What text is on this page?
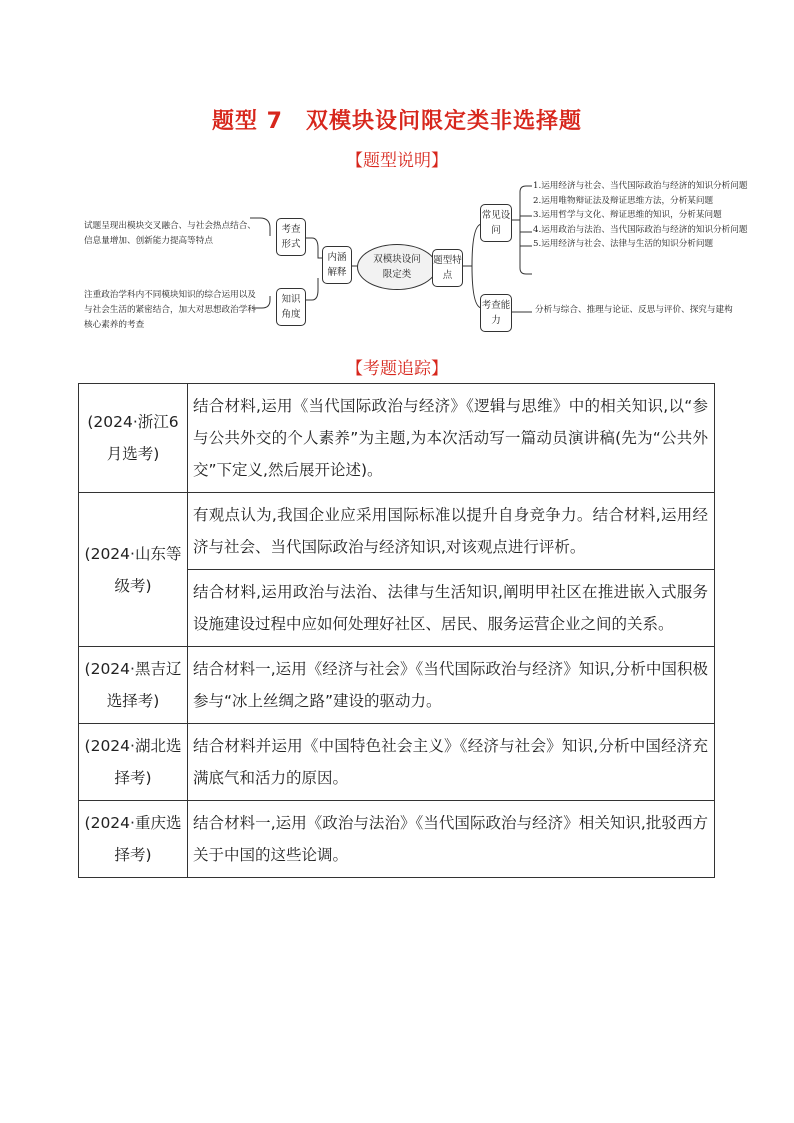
题型 7　双模块设问限定类非选择题
【题型说明】
试题呈现出模块交叉融合、与社会热点结合、信息量增加、创新能力提高等特点
注重政治学科内不同模块知识的综合运用以及与社会生活的紧密结合，加大对思想政治学科核心素养的考查
考查形式
知识角度
内涵解释
双模块设问限定类
题型特点
常见设问
考查能力
1.运用经济与社会、当代国际政治与经济的知识分析问题
2.运用唯物辩证法及辩证思维方法，分析某问题
3.运用哲学与文化、辩证思维的知识，分析某问题
4.运用政治与法治、当代国际政治与经济的知识分析问题
5.运用经济与社会、法律与生活的知识分析问题
分析与综合、推理与论证、反思与评价、探究与建构
【考题追踪】
(2024·浙江6月选考)	结合材料,运用《当代国际政治与经济》《逻辑与思维》中的相关知识,以“参与公共外交的个人素养”为主题,为本次活动写一篇动员演讲稿(先为“公共外交”下定义,然后展开论述)。
(2024·山东等级考)	有观点认为,我国企业应采用国际标准以提升自身竞争力。结合材料,运用经济与社会、当代国际政治与经济知识,对该观点进行评析。
	结合材料,运用政治与法治、法律与生活知识,阐明甲社区在推进嵌入式服务设施建设过程中应如何处理好社区、居民、服务运营企业之间的关系。
(2024·黑吉辽选择考)	结合材料一,运用《经济与社会》《当代国际政治与经济》知识,分析中国积极参与“冰上丝绸之路”建设的驱动力。
(2024·湖北选择考)	结合材料并运用《中国特色社会主义》《经济与社会》知识,分析中国经济充满底气和活力的原因。
(2024·重庆选择考)	结合材料一,运用《政治与法治》《当代国际政治与经济》相关知识,批驳西方关于中国的这些论调。
